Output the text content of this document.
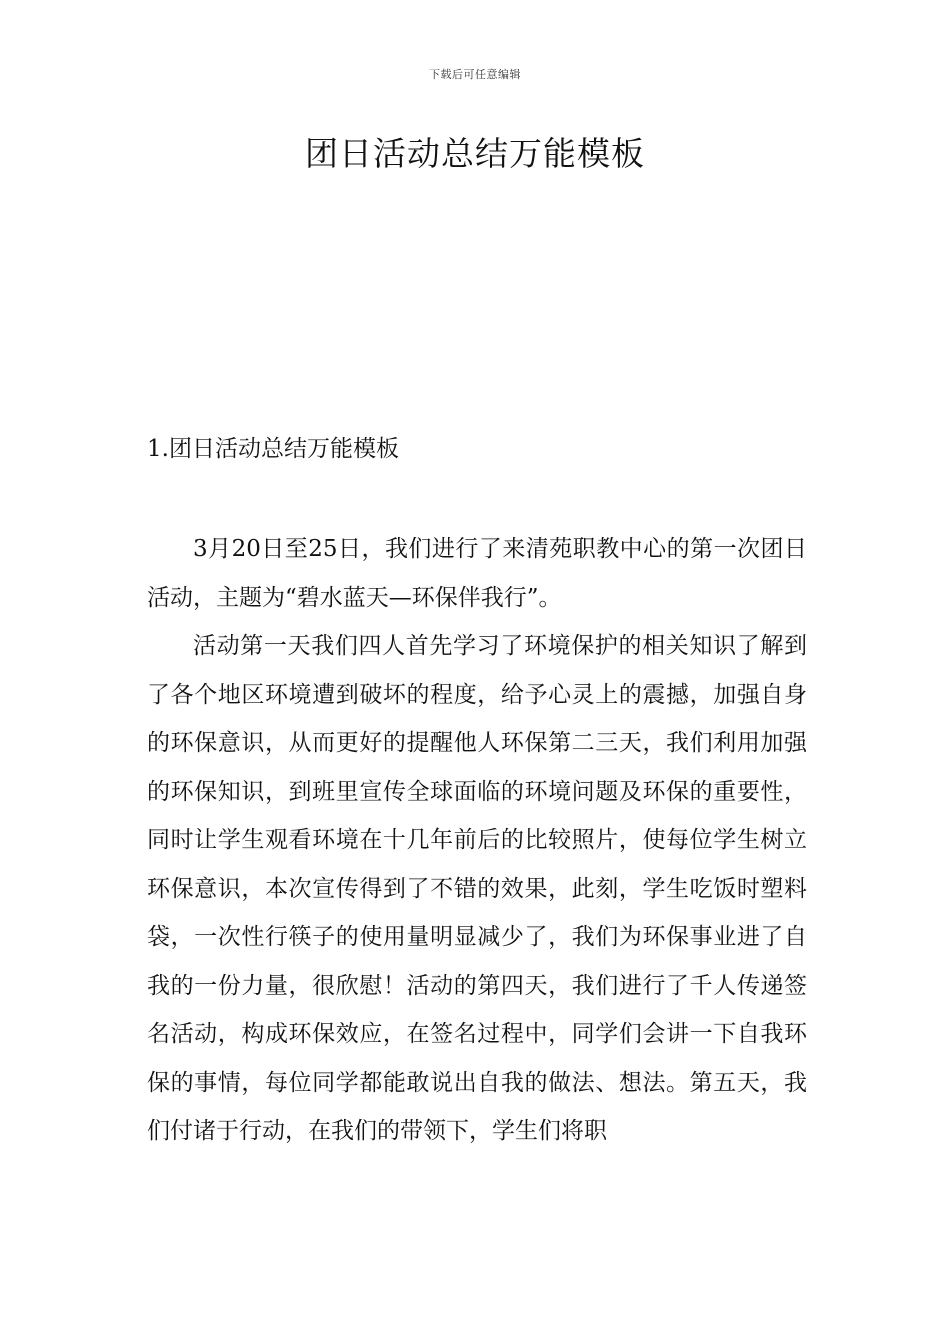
下载后可任意编辑
团日活动总结万能模板
1.团日活动总结万能模板

3月20日至25日，我们进行了来清苑职教中心的第一次团日活动，主题为“碧水蓝天—环保伴我行”。

活动第一天我们四人首先学习了环境保护的相关知识了解到了各个地区环境遭到破坏的程度，给予心灵上的震撼，加强自身的环保意识，从而更好的提醒他人环保第二三天，我们利用加强的环保知识，到班里宣传全球面临的环境问题及环保的重要性，同时让学生观看环境在十几年前后的比较照片，使每位学生树立环保意识，本次宣传得到了不错的效果，此刻，学生吃饭时塑料袋，一次性行筷子的使用量明显减少了，我们为环保事业进了自我的一份力量，很欣慰！活动的第四天，我们进行了千人传递签名活动，构成环保效应，在签名过程中，同学们会讲一下自我环保的事情，每位同学都能敢说出自我的做法、想法。第五天，我们付诸于行动，在我们的带领下，学生们将职
